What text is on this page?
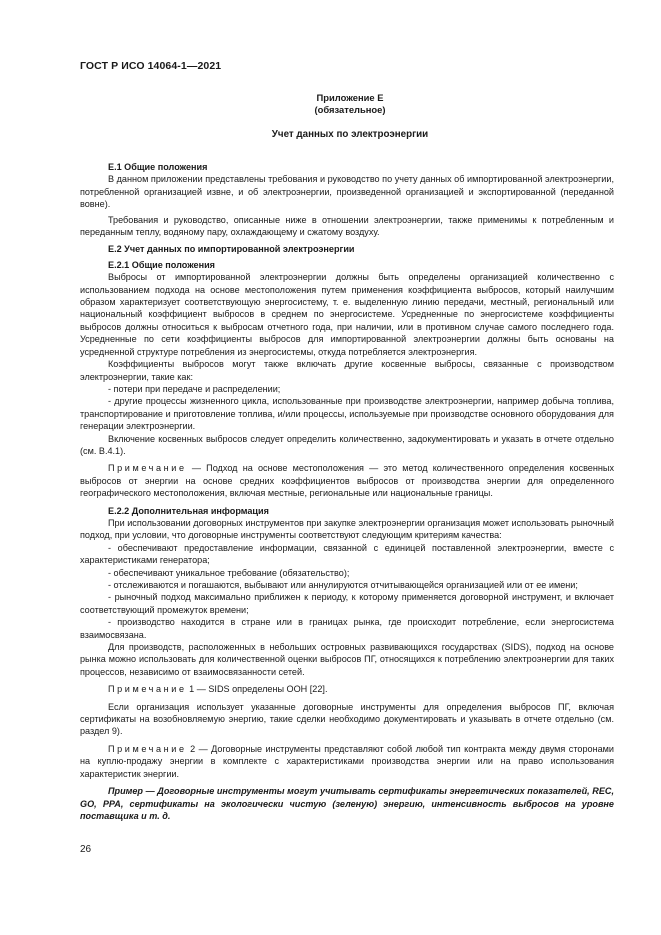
ГОСТ Р ИСО 14064-1—2021
Приложение E
(обязательное)
Учет данных по электроэнергии

E.1 Общие положения

В данном приложении представлены требования и руководство по учету данных об импортированной электроэнергии, потребленной организацией извне, и об электроэнергии, произведенной организацией и экспортированной (переданной вовне).

Требования и руководство, описанные ниже в отношении электроэнергии, также применимы к потребленным и переданным теплу, водяному пару, охлаждающему и сжатому воздуху.

E.2 Учет данных по импортированной электроэнергии

E.2.1 Общие положения

Выбросы от импортированной электроэнергии должны быть определены организацией количественно с использованием подхода на основе местоположения путем применения коэффициента выбросов, который наилучшим образом характеризует соответствующую энергосистему, т. е. выделенную линию передачи, местный, региональный или национальный коэффициент выбросов в среднем по энергосистеме. Усредненные по энергосистеме коэффициенты выбросов должны относиться к выбросам отчетного года, при наличии, или в противном случае самого последнего года. Усредненные по сети коэффициенты выбросов для импортированной электроэнергии должны быть основаны на усредненной структуре потребления из энергосистемы, откуда потребляется электроэнергия.

Коэффициенты выбросов могут также включать другие косвенные выбросы, связанные с производством электроэнергии, такие как:

- потери при передаче и распределении;

- другие процессы жизненного цикла, использованные при производстве электроэнергии, например добыча топлива, транспортирование и приготовление топлива, и/или процессы, используемые при производстве основного оборудования для генерации электроэнергии.

Включение косвенных выбросов следует определить количественно, задокументировать и указать в отчете отдельно (см. B.4.1).

Примечание — Подход на основе местоположения — это метод количественного определения косвенных выбросов от энергии на основе средних коэффициентов выбросов от производства энергии для определенного географического местоположения, включая местные, региональные или национальные границы.

E.2.2 Дополнительная информация

При использовании договорных инструментов при закупке электроэнергии организация может использовать рыночный подход, при условии, что договорные инструменты соответствуют следующим критериям качества:

- обеспечивают предоставление информации, связанной с единицей поставленной электроэнергии, вместе с характеристиками генератора;

- обеспечивают уникальное требование (обязательство);

- отслеживаются и погашаются, выбывают или аннулируются отчитывающейся организацией или от ее имени;

- рыночный подход максимально приближен к периоду, к которому применяется договорной инструмент, и включает соответствующий промежуток времени;

- производство находится в стране или в границах рынка, где происходит потребление, если энергосистема взаимосвязана.

Для производств, расположенных в небольших островных развивающихся государствах (SIDS), подход на основе рынка можно использовать для количественной оценки выбросов ПГ, относящихся к потреблению электроэнергии для таких процессов, независимо от взаимосвязанности сетей.

Примечание 1 — SIDS определены ООН [22].

Если организация использует указанные договорные инструменты для определения выбросов ПГ, включая сертификаты на возобновляемую энергию, такие сделки необходимо документировать и указывать в отчете отдельно (см. раздел 9).

Примечание 2 — Договорные инструменты представляют собой любой тип контракта между двумя сторонами на куплю-продажу энергии в комплекте с характеристиками производства энергии или на право использования характеристик энергии.

Пример — Договорные инструменты могут учитывать сертификаты энергетических показателей, REC, GO, PPA, сертификаты на экологически чистую (зеленую) энергию, интенсивность выбросов на уровне поставщика и т. д.

26
